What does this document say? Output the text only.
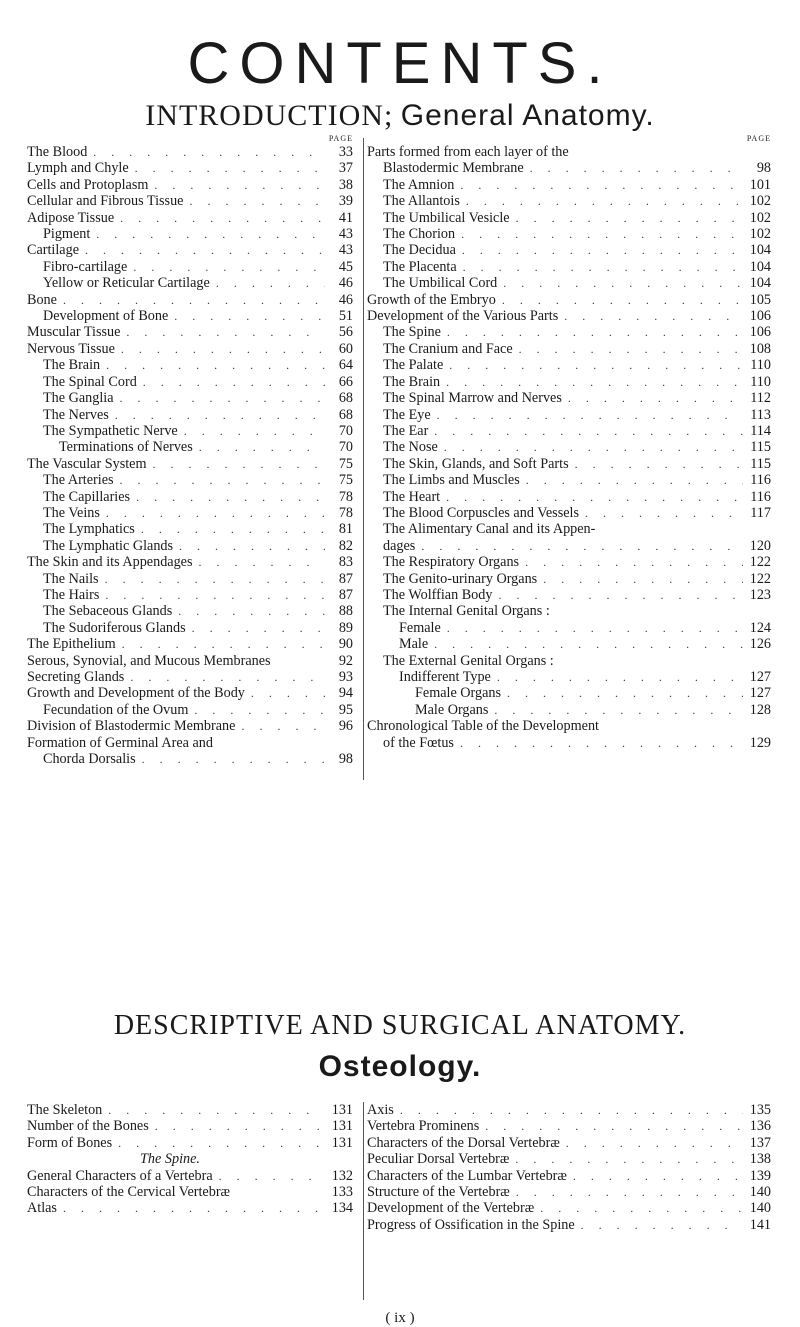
CONTENTS.
INTRODUCTION; General Anatomy.
PAGE
The Blood . . .	33
Lymph and Chyle . . .	37
Cells and Protoplasm . . .	38
Cellular and Fibrous Tissue . . .	39
Adipose Tissue . . .	41
Pigment . . .	43
Cartilage . . .	43
Fibro-cartilage . . .	45
Yellow or Reticular Cartilage . . .	46
Bone . . .	46
Development of Bone . . .	51
Muscular Tissue . . .	56
Nervous Tissue . . .	60
The Brain . . .	64
The Spinal Cord . . .	66
The Ganglia . . .	68
The Nerves . . .	68
The Sympathetic Nerve . . .	70
Terminations of Nerves . . .	70
The Vascular System . . .	75
The Arteries . . .	75
The Capillaries . . .	78
The Veins . . .	78
The Lymphatics . . .	81
The Lymphatic Glands . . .	82
The Skin and its Appendages . . .	83
The Nails . . .	87
The Hairs . . .	87
The Sebaceous Glands . . .	88
The Sudoriferous Glands . . .	89
The Epithelium . . .	90
Serous, Synovial, and Mucous Membranes	92
Secreting Glands . . .	93
Growth and Development of the Body . . .	94
Fecundation of the Ovum . . .	95
Division of Blastodermic Membrane . . .	96
Formation of Germinal Area and
Chorda Dorsalis . . .	98
PAGE
Parts formed from each layer of the
Blastodermic Membrane . . .	98
The Amnion . . .	101
The Allantois . . .	102
The Umbilical Vesicle . . .	102
The Chorion . . .	102
The Decidua . . .	104
The Placenta . . .	104
The Umbilical Cord . . .	104
Growth of the Embryo . . .	105
Development of the Various Parts . . .	106
The Spine . . .	106
The Cranium and Face . . .	108
The Palate . . .	110
The Brain . . .	110
The Spinal Marrow and Nerves . . .	112
The Eye . . .	113
The Ear . . .	114
The Nose . . .	115
The Skin, Glands, and Soft Parts . . .	115
The Limbs and Muscles . . .	116
The Heart . . .	116
The Blood Corpuscles and Vessels . . .	117
The Alimentary Canal and its Appen-
dages . . .	120
The Respiratory Organs . . .	122
The Genito-urinary Organs . . .	122
The Wolffian Body . . .	123
The Internal Genital Organs :
Female . . .	124
Male . . .	126
The External Genital Organs :
Indifferent Type . . .	127
Female Organs . . .	127
Male Organs . . .	128
Chronological Table of the Development
of the Fœtus . . .	129
DESCRIPTIVE AND SURGICAL ANATOMY.
Osteology.
The Skeleton . . .	131
Number of the Bones . . .	131
Form of Bones . . .	131
The Spine.
General Characters of a Vertebra . . .	132
Characters of the Cervical Vertebræ	133
Atlas . . .	134
Axis . . .	135
Vertebra Prominens . . .	136
Characters of the Dorsal Vertebræ . . .	137
Peculiar Dorsal Vertebræ . . .	138
Characters of the Lumbar Vertebræ . . .	139
Structure of the Vertebræ . . .	140
Development of the Vertebræ . . .	140
Progress of Ossification in the Spine . . .	141
( ix )
